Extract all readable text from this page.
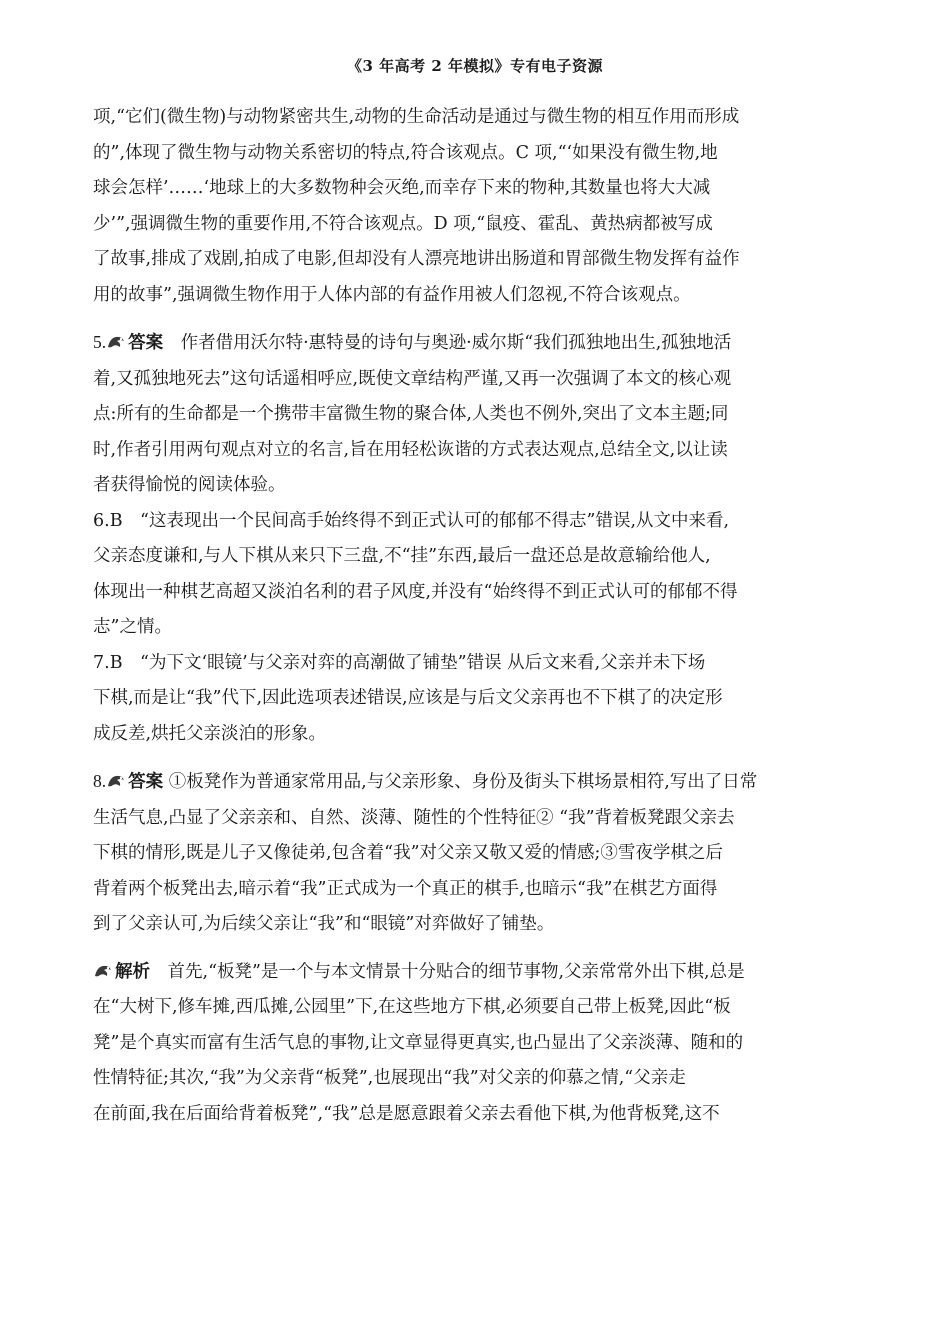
《3 年高考 2 年模拟》专有电子资源
项,“它们(微生物)与动物紧密共生,动物的生命活动是通过与微生物的相互作用而形成
的”,体现了微生物与动物关系密切的特点,符合该观点。C 项,“‘如果没有微生物,地
球会怎样’……‘地球上的大多数物种会灭绝,而幸存下来的物种,其数量也将大大减
少’”,强调微生物的重要作用,不符合该观点。D 项,“鼠疫、霍乱、黄热病都被写成
了故事,排成了戏剧,拍成了电影,但却没有人漂亮地讲出肠道和胃部微生物发挥有益作
用的故事”,强调微生物作用于人体内部的有益作用被人们忽视,不符合该观点。
5. 答案　作者借用沃尔特·惠特曼的诗句与奥逊·威尔斯“我们孤独地出生,孤独地活
着,又孤独地死去”这句话遥相呼应,既使文章结构严谨,又再一次强调了本文的核心观
点:所有的生命都是一个携带丰富微生物的聚合体,人类也不例外,突出了文本主题;同
时,作者引用两句观点对立的名言,旨在用轻松诙谐的方式表达观点,总结全文,以让读
者获得愉悦的阅读体验。
6.B　“这表现出一个民间高手始终得不到正式认可的郁郁不得志”错误,从文中来看,
父亲态度谦和,与人下棋从来只下三盘,不“挂”东西,最后一盘还总是故意输给他人,
体现出一种棋艺高超又淡泊名利的君子风度,并没有“始终得不到正式认可的郁郁不得
志”之情。
7.B　“为下文‘眼镜’与父亲对弈的高潮做了铺垫”错误 从后文来看,父亲并未下场
下棋,而是让“我”代下,因此选项表述错误,应该是与后文父亲再也不下棋了的决定形
成反差,烘托父亲淡泊的形象。
8. 答案 ①板凳作为普通家常用品,与父亲形象、身份及街头下棋场景相符,写出了日常
生活气息,凸显了父亲亲和、自然、淡薄、随性的个性特征② “我”背着板凳跟父亲去
下棋的情形,既是儿子又像徒弟,包含着“我”对父亲又敬又爱的情感;③雪夜学棋之后
背着两个板凳出去,暗示着“我”正式成为一个真正的棋手,也暗示“我”在棋艺方面得
到了父亲认可,为后续父亲让“我”和“眼镜”对弈做好了铺垫。
解析　首先,“板凳”是一个与本文情景十分贴合的细节事物,父亲常常外出下棋,总是
在“大树下,修车摊,西瓜摊,公园里”下,在这些地方下棋,必须要自己带上板凳,因此“板
凳”是个真实而富有生活气息的事物,让文章显得更真实,也凸显出了父亲淡薄、随和的
性情特征;其次,“我”为父亲背“板凳”,也展现出“我”对父亲的仰慕之情,“父亲走
在前面,我在后面给背着板凳”,“我”总是愿意跟着父亲去看他下棋,为他背板凳,这不
